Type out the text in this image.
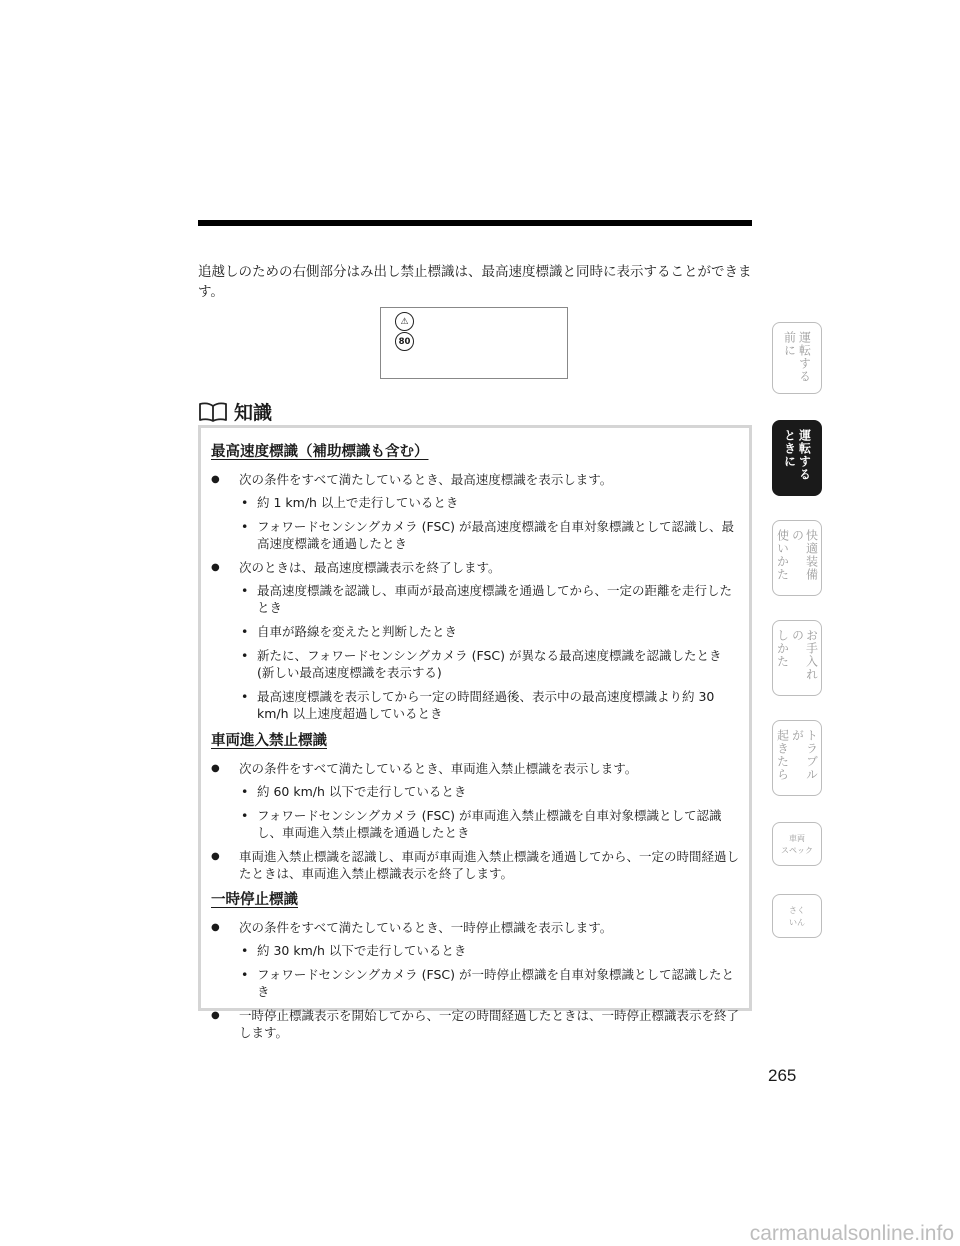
追越しのための右側部分はみ出し禁止標識は、最高速度標識と同時に表示することができます。

⚠
80
知識
最高速度標識（補助標識も含む）
● 次の条件をすべて満たしているとき、最高速度標識を表示します。
• 約 1 km/h 以上で走行しているとき
• フォワードセンシングカメラ (FSC) が最高速度標識を自車対象標識として認識し、最高速度標識を通過したとき
● 次のときは、最高速度標識表示を終了します。
• 最高速度標識を認識し、車両が最高速度標識を通過してから、一定の距離を走行したとき
• 自車が路線を変えたと判断したとき
• 新たに、フォワードセンシングカメラ (FSC) が異なる最高速度標識を認識したとき (新しい最高速度標識を表示する)
• 最高速度標識を表示してから一定の時間経過後、表示中の最高速度標識より約 30 km/h 以上速度超過しているとき
車両進入禁止標識
● 次の条件をすべて満たしているとき、車両進入禁止標識を表示します。
• 約 60 km/h 以下で走行しているとき
• フォワードセンシングカメラ (FSC) が車両進入禁止標識を自車対象標識として認識し、車両進入禁止標識を通過したとき
● 車両進入禁止標識を認識し、車両が車両進入禁止標識を通過してから、一定の時間経過したときは、車両進入禁止標識表示を終了します。
一時停止標識
● 次の条件をすべて満たしているとき、一時停止標識を表示します。
• 約 30 km/h 以下で走行しているとき
• フォワードセンシングカメラ (FSC) が一時停止標識を自車対象標識として認識したとき
● 一時停止標識表示を開始してから、一定の時間経過したときは、一時停止標識表示を終了します。
運転する
前に
運転する
ときに
快適装備の
使いかた
お手入れの
しかた
トラブルが
起きたら
車両
スペック
さく
いん
265
carmanualsonline.info
